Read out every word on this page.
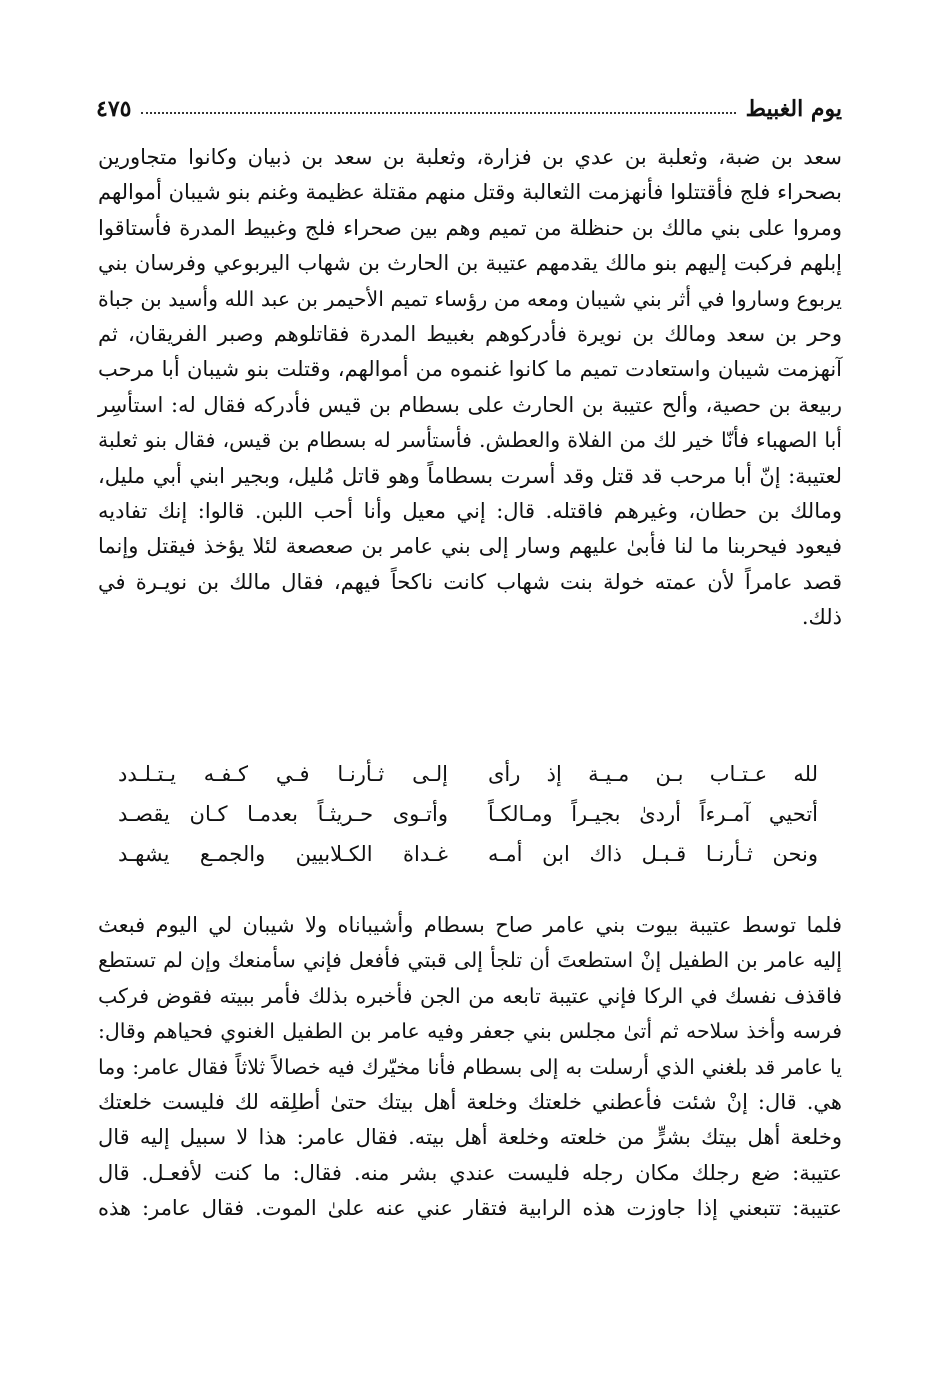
يوم الغبيط
٤٧٥
سعد بن ضبة، وثعلبة بن عدي بن فزارة، وثعلبة بن سعد بن ذبيان وكانوا متجاورين
بصحراء فلج فأقتتلوا فأنهزمت الثعالبة وقتل منهم مقتلة عظيمة وغنم بنو شيبان أموالهم
ومروا على بني مالك بن حنظلة من تميم وهم بين صحراء فلج وغبيط المدرة فأستاقوا
إبلهم فركبت إليهم بنو مالك يقدمهم عتيبة بن الحارث بن شهاب اليربوعي وفرسان بني
يربوع وساروا في أثر بني شيبان ومعه من رؤساء تميم الأحيمر بن عبد الله وأسيد بن جباة
وحر بن سعد ومالك بن نويرة فأدركوهم بغبيط المدرة فقاتلوهم وصبر الفريقان، ثم
آنهزمت شيبان واستعادت تميم ما كانوا غنموه من أموالهم، وقتلت بنو شيبان أبا مرحب
ربيعة بن حصية، وألح عتيبة بن الحارث على بسطام بن قيس فأدركه فقال له: استأسِر
أبا الصهباء فأنّا خير لك من الفلاة والعطش. فأستأسر له بسطام بن قيس، فقال بنو ثعلبة
لعتيبة: إنّ أبا مرحب قد قتل وقد أسرت بسطاماً وهو قاتل مُليل، وبجير ابني أبي مليل،
ومالك بن حطان، وغيرهم فاقتله. قال: إني معيل وأنا أحب اللبن. قالوا: إنك تفاديه
فيعود فيحربنا ما لنا فأبىٰ عليهم وسار إلى بني عامر بن صعصعة لئلا يؤخذ فيقتل وإنما
قصد عامراً لأن عمته خولة بنت شهاب كانت ناكحاً فيهم، فقال مالك بن نويـرة في
ذلك.
لله عـتـاب بـن مـيـة إذ رأى
إلـى ثـأرنـا فـي كـفـه يـتـلـدد
أتحيي آمـرءاً أردىٰ بجيـراً ومـالكـاً
وأتـوى حـريثـاً بعدمـا كـان يقصـد
ونحن ثـأرنـا قـبـل ذاك ابن أمـه
غـداة الكـلابيين والجمـع يشهـد
فلما توسط عتيبة بيوت بني عامر صاح بسطام وأشيباناه ولا شيبان لي اليوم فبعث
إليه عامر بن الطفيل إنْ استطعتَ أن تلجأ إلى قبتي فأفعل فإني سأمنعك وإن لم تستطع
فاقذف نفسك في الركا فإني عتيبة تابعه من الجن فأخبره بذلك فأمر ببيته فقوض فركب
فرسه وأخذ سلاحه ثم أتىٰ مجلس بني جعفر وفيه عامر بن الطفيل الغنوي فحياهم وقال:
يا عامر قد بلغني الذي أرسلت به إلى بسطام فأنا مخيّرك فيه خصالاً ثلاثاً فقال عامر: وما
هي. قال: إنْ شئت فأعطني خلعتك وخلعة أهل بيتك حتىٰ أطلِقه لك فليست خلعتك
وخلعة أهل بيتك بشرٍّ من خلعته وخلعة أهل بيته. فقال عامر: هذا لا سبيل إليه قال
عتيبة: ضع رجلك مكان رجله فليست عندي بشر منه. فقال: ما كنت لأفعـل. قال
عتيبة: تتبعني إذا جاوزت هذه الرابية فتقار عني عنه علىٰ الموت. فقال عامر: هذه
